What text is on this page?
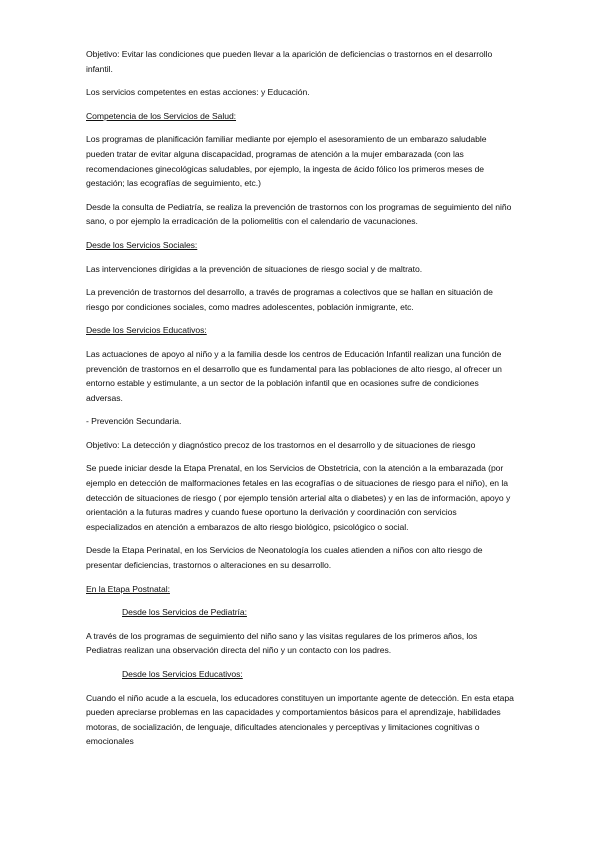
Objetivo: Evitar las condiciones que pueden llevar a la aparición de deficiencias o trastornos en el desarrollo infantil.

Los servicios competentes en estas acciones: y Educación.

Competencia de los Servicios de Salud:

Los programas de planificación familiar mediante por ejemplo el asesoramiento de un embarazo saludable pueden tratar de evitar alguna discapacidad, programas de atención a la mujer embarazada (con las recomendaciones ginecológicas saludables, por ejemplo, la ingesta de ácido fólico los primeros meses de gestación; las ecografías de seguimiento, etc.)

Desde la consulta de Pediatría, se realiza la prevención de trastornos con los programas de seguimiento del niño sano, o por ejemplo la erradicación de la poliomelitis con el calendario de vacunaciones.

Desde los Servicios Sociales:

Las intervenciones dirigidas a la prevención de situaciones de riesgo social y de maltrato.

La prevención de trastornos del desarrollo, a través de programas a colectivos que se hallan en situación de riesgo por condiciones sociales, como madres adolescentes, población inmigrante, etc.

Desde los Servicios Educativos:

Las actuaciones de apoyo al niño y a la familia desde los centros de Educación Infantil realizan una función de prevención de trastornos en el desarrollo que es fundamental para las poblaciones de alto riesgo, al ofrecer un entorno estable y estimulante, a un sector de la población infantil que en ocasiones sufre de condiciones adversas.

- Prevención Secundaria.

Objetivo: La detección y diagnóstico precoz de los trastornos en el desarrollo y de situaciones de riesgo

Se puede iniciar desde la Etapa Prenatal, en los Servicios de Obstetricia, con la atención a la embarazada (por ejemplo en detección de malformaciones fetales en las ecografías o de situaciones de riesgo para el niño), en la detección de situaciones de riesgo ( por ejemplo tensión arterial alta o diabetes) y en las de información, apoyo y orientación a la futuras madres y cuando fuese oportuno la derivación y coordinación con servicios especializados en atención a embarazos de alto riesgo biológico, psicológico o social.

Desde la Etapa Perinatal, en los Servicios de Neonatología los cuales atienden a niños con alto riesgo de presentar deficiencias, trastornos o alteraciones en su desarrollo.

En la Etapa Postnatal:

Desde los Servicios de Pediatría:

A través de los programas de seguimiento del niño sano y las visitas regulares de los primeros años, los Pediatras realizan una observación directa del niño y un contacto con los padres.

Desde los Servicios Educativos:

Cuando el niño acude a la escuela, los educadores constituyen un importante agente de detección. En esta etapa pueden apreciarse problemas en las capacidades y comportamientos básicos para el aprendizaje, habilidades motoras, de socialización, de lenguaje, dificultades atencionales y perceptivas y limitaciones cognitivas o emocionales
